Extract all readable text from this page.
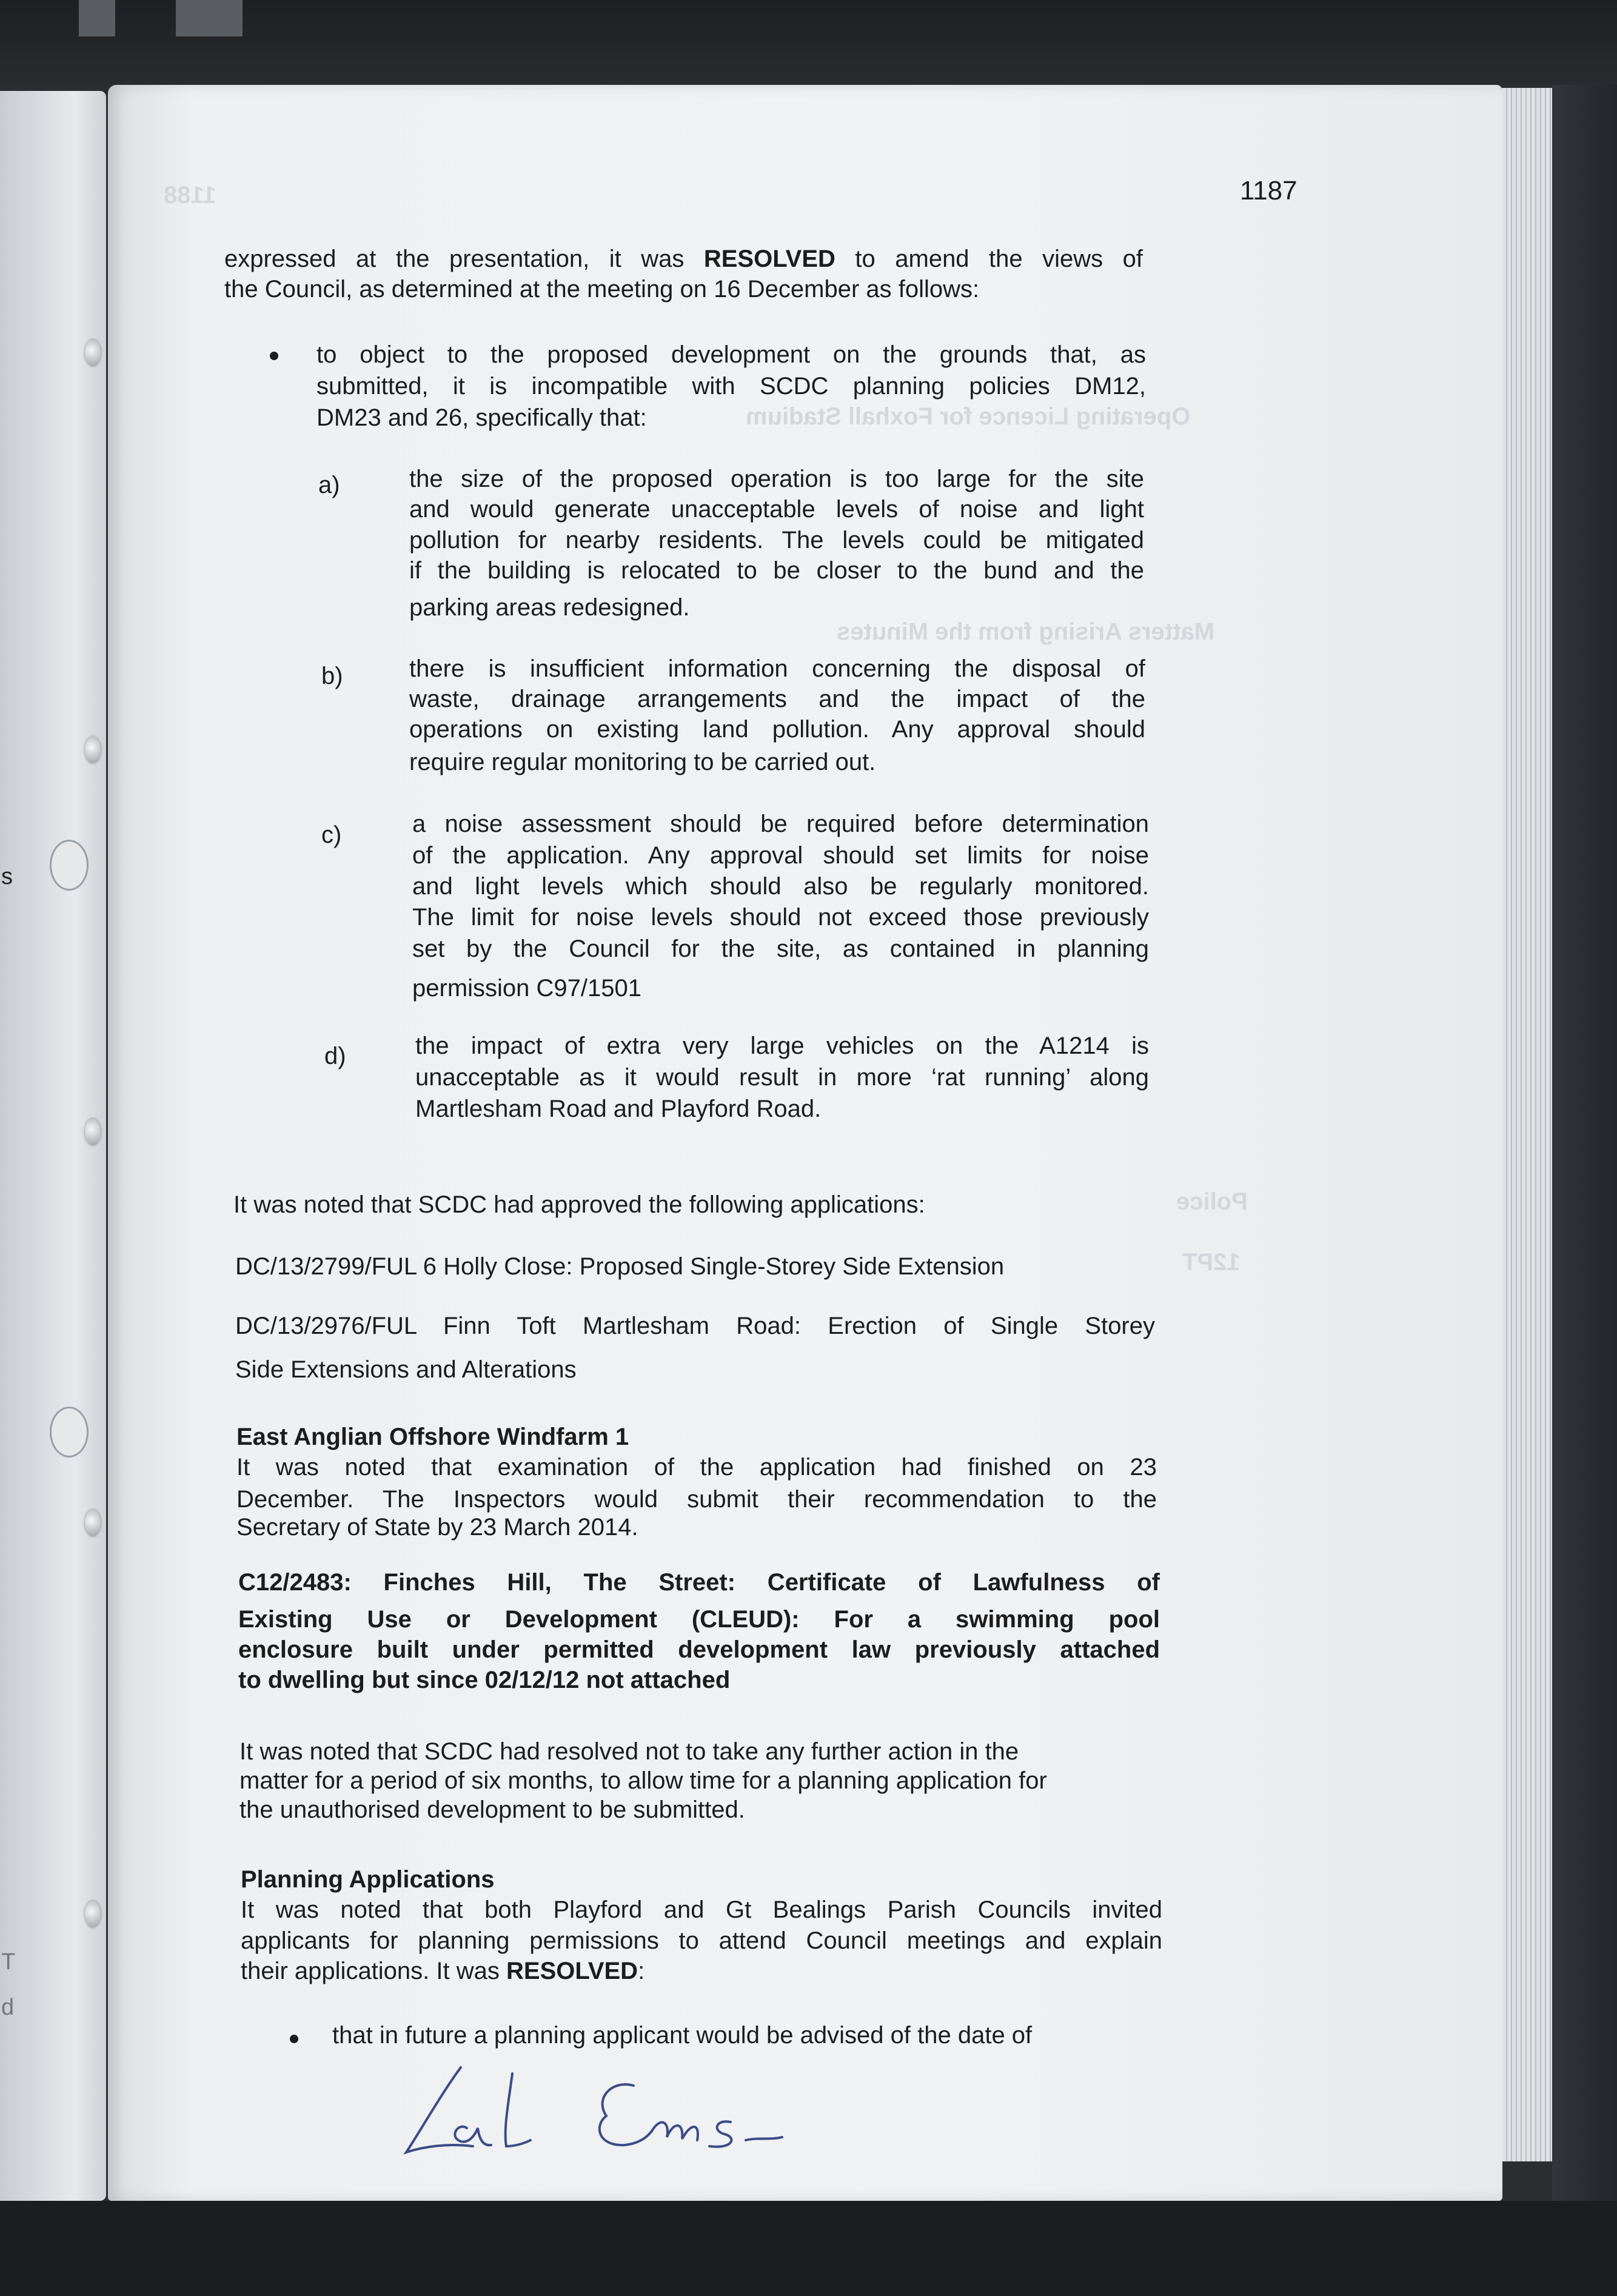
s
T
d
1188
Operating Licence for Foxhall Stadium
Matters Arising from the Minutes
Police
12PT
1187
expressed at the presentation, it was RESOLVED to amend the views of
the Council, as determined at the meeting on 16 December as follows:
to object to the proposed development on the grounds that, as
submitted, it is incompatible with SCDC planning policies DM12,
DM23 and 26, specifically that:
a)	the size of the proposed operation is too large for the site
and would generate unacceptable levels of noise and light
pollution for nearby residents. The levels could be mitigated
if the building is relocated to be closer to the bund and the
parking areas redesigned.
b)	there is insufficient information concerning the disposal of
waste, drainage arrangements and the impact of the
operations on existing land pollution. Any approval should
require regular monitoring to be carried out.
c)	a noise assessment should be required before determination
of the application. Any approval should set limits for noise
and light levels which should also be regularly monitored.
The limit for noise levels should not exceed those previously
set by the Council for the site, as contained in planning
permission C97/1501
d)	the impact of extra very large vehicles on the A1214 is
unacceptable as it would result in more ‘rat running’ along
Martlesham Road and Playford Road.
It was noted that SCDC had approved the following applications:
DC/13/2799/FUL 6 Holly Close: Proposed Single-Storey Side Extension
DC/13/2976/FUL Finn Toft Martlesham Road: Erection of Single Storey
Side Extensions and Alterations
East Anglian Offshore Windfarm 1
It was noted that examination of the application had finished on 23
December. The Inspectors would submit their recommendation to the
Secretary of State by 23 March 2014.
C12/2483: Finches Hill, The Street: Certificate of Lawfulness of
Existing Use or Development (CLEUD): For a swimming pool
enclosure built under permitted development law previously attached
to dwelling but since 02/12/12 not attached
It was noted that SCDC had resolved not to take any further action in the
matter for a period of six months, to allow time for a planning application for
the unauthorised development to be submitted.
Planning Applications
It was noted that both Playford and Gt Bealings Parish Councils invited
applicants for planning permissions to attend Council meetings and explain
their applications. It was RESOLVED:
that in future a planning applicant would be advised of the date of
